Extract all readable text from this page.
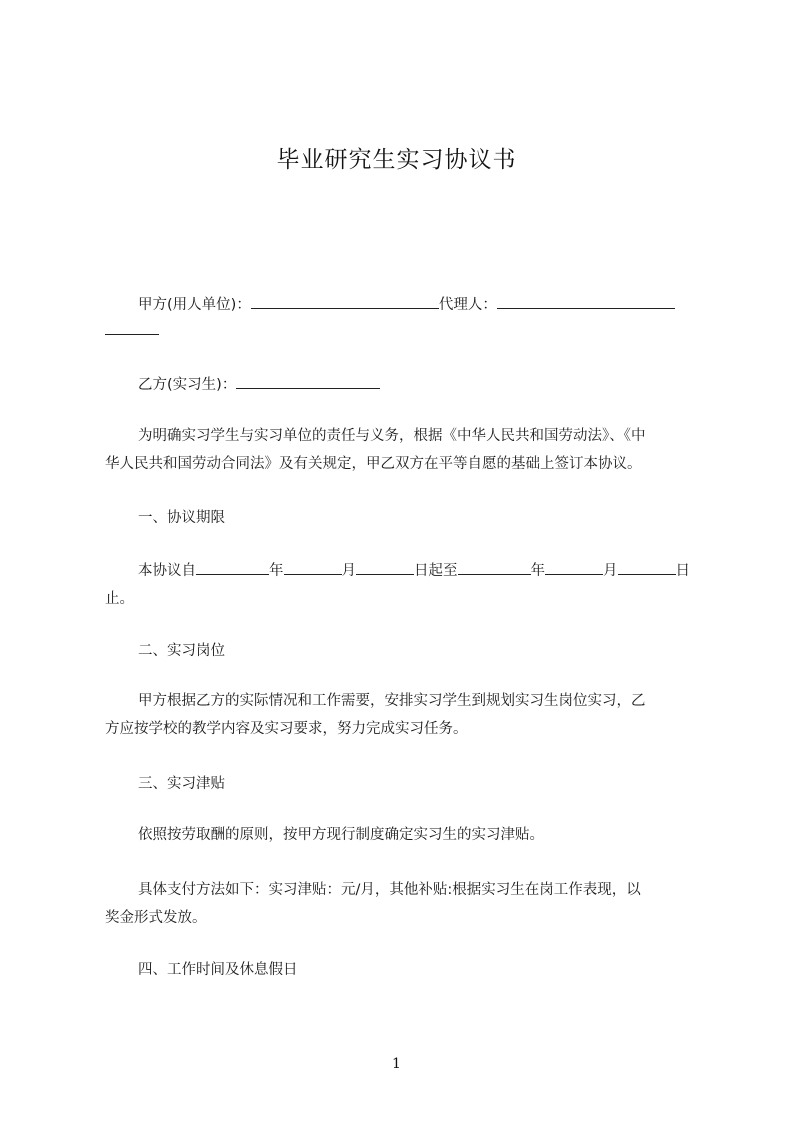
毕业研究生实习协议书
甲方(用人单位)：	代理人：
乙方(实习生)：
为明确实习学生与实习单位的责任与义务，根据《中华人民共和国劳动法》、《中
华人民共和国劳动合同法》及有关规定，甲乙双方在平等自愿的基础上签订本协议。
一、协议期限
本协议自	年	月	日起至	年	月	日
止。
二、实习岗位
甲方根据乙方的实际情况和工作需要，安排实习学生到规划实习生岗位实习，乙
方应按学校的教学内容及实习要求，努力完成实习任务。
三、实习津贴
依照按劳取酬的原则，按甲方现行制度确定实习生的实习津贴。
具体支付方法如下：实习津贴：元/月，其他补贴:根据实习生在岗工作表现，以
奖金形式发放。
四、工作时间及休息假日
1
